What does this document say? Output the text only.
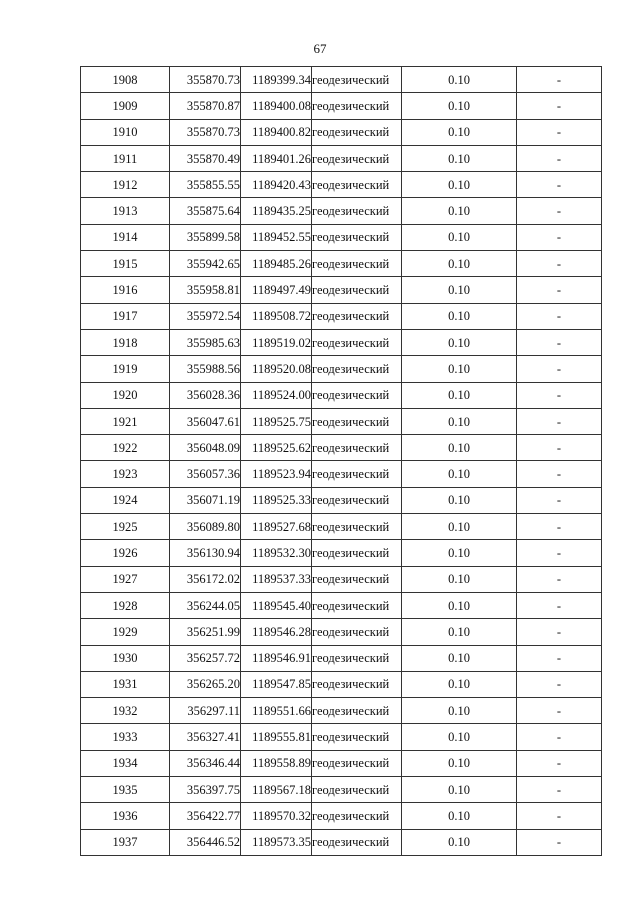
67
1908	355870.73	1189399.34	геодезический	0.10	-
1909	355870.87	1189400.08	геодезический	0.10	-
1910	355870.73	1189400.82	геодезический	0.10	-
1911	355870.49	1189401.26	геодезический	0.10	-
1912	355855.55	1189420.43	геодезический	0.10	-
1913	355875.64	1189435.25	геодезический	0.10	-
1914	355899.58	1189452.55	геодезический	0.10	-
1915	355942.65	1189485.26	геодезический	0.10	-
1916	355958.81	1189497.49	геодезический	0.10	-
1917	355972.54	1189508.72	геодезический	0.10	-
1918	355985.63	1189519.02	геодезический	0.10	-
1919	355988.56	1189520.08	геодезический	0.10	-
1920	356028.36	1189524.00	геодезический	0.10	-
1921	356047.61	1189525.75	геодезический	0.10	-
1922	356048.09	1189525.62	геодезический	0.10	-
1923	356057.36	1189523.94	геодезический	0.10	-
1924	356071.19	1189525.33	геодезический	0.10	-
1925	356089.80	1189527.68	геодезический	0.10	-
1926	356130.94	1189532.30	геодезический	0.10	-
1927	356172.02	1189537.33	геодезический	0.10	-
1928	356244.05	1189545.40	геодезический	0.10	-
1929	356251.99	1189546.28	геодезический	0.10	-
1930	356257.72	1189546.91	геодезический	0.10	-
1931	356265.20	1189547.85	геодезический	0.10	-
1932	356297.11	1189551.66	геодезический	0.10	-
1933	356327.41	1189555.81	геодезический	0.10	-
1934	356346.44	1189558.89	геодезический	0.10	-
1935	356397.75	1189567.18	геодезический	0.10	-
1936	356422.77	1189570.32	геодезический	0.10	-
1937	356446.52	1189573.35	геодезический	0.10	-
